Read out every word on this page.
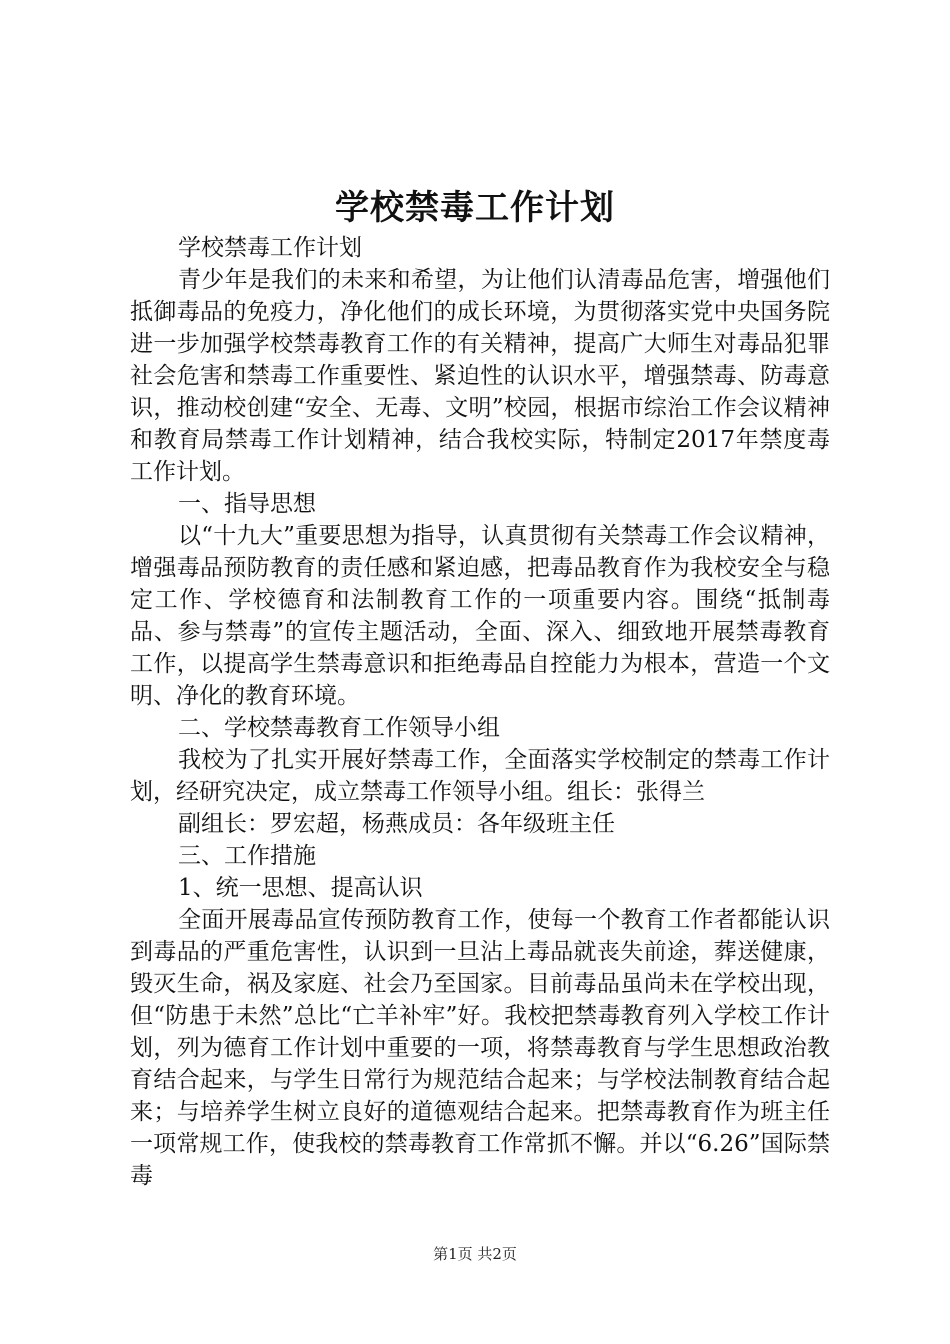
学校禁毒工作计划

学校禁毒工作计划

青少年是我们的未来和希望，为让他们认清毒品危害，增强他们抵御毒品的免疫力，净化他们的成长环境，为贯彻落实党中央国务院进一步加强学校禁毒教育工作的有关精神，提高广大师生对毒品犯罪社会危害和禁毒工作重要性、紧迫性的认识水平，增强禁毒、防毒意识，推动校创建“安全、无毒、文明”校园，根据市综治工作会议精神和教育局禁毒工作计划精神，结合我校实际，特制定2017年禁度毒工作计划。

一、指导思想

以“十九大”重要思想为指导，认真贯彻有关禁毒工作会议精神，增强毒品预防教育的责任感和紧迫感，把毒品教育作为我校安全与稳定工作、学校德育和法制教育工作的一项重要内容。围绕“抵制毒品、参与禁毒”的宣传主题活动，全面、深入、细致地开展禁毒教育工作，以提高学生禁毒意识和拒绝毒品自控能力为根本，营造一个文明、净化的教育环境。

二、学校禁毒教育工作领导小组

我校为了扎实开展好禁毒工作，全面落实学校制定的禁毒工作计划，经研究决定，成立禁毒工作领导小组。组长：张得兰

副组长：罗宏超，杨燕成员：各年级班主任

三、工作措施

1、统一思想、提高认识

全面开展毒品宣传预防教育工作，使每一个教育工作者都能认识到毒品的严重危害性，认识到一旦沾上毒品就丧失前途，葬送健康，毁灭生命，祸及家庭、社会乃至国家。目前毒品虽尚未在学校出现，但“防患于未然”总比“亡羊补牢”好。我校把禁毒教育列入学校工作计划，列为德育工作计划中重要的一项，将禁毒教育与学生思想政治教育结合起来，与学生日常行为规范结合起来；与学校法制教育结合起来；与培养学生树立良好的道德观结合起来。把禁毒教育作为班主任一项常规工作，使我校的禁毒教育工作常抓不懈。并以“6.26”国际禁毒

第1页 共2页
